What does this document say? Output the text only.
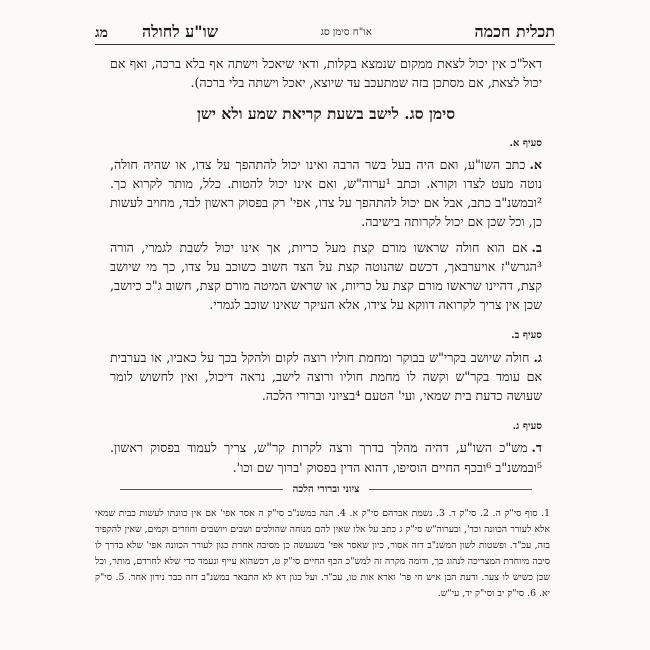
תכלית חכמה
או"ח סימן סג
שו"ע לחולה
מג

דאל"כ אין יכול לצאת ממקום שנמצא בקלות, ודאי שיאכל וישתה אף בלא ברכה, ואף אם יכול לצאת, אם מסתכן בזה שמתעכב עד שיוצא, יאכל וישתה בלי ברכה).

סימן סג. לישב בשעת קריאת שמע ולא ישן

סעיף א.

א.כתב השו"ע, ואם היה בעל בשר הרבה ואינו יכול להתהפך על צדו, או שהיה חולה, נוטה מעט לצדו וקורא. וכתב ¹ערוה"ש, ואם אינו יכול להטות. כלל, מותר לקרוא כך. ²ובמשנ"ב כתב, אבל אם יכול להתהפך על צדו, אפי' רק בפסוק ראשון לבד, מחויב לעשות כן, וכל שכן אם יכול לקרותה בישיבה.

ב.אם הוא חולה שראשו מורם קצת מעל כריות, אך אינו יכול לשבת לגמרי, הורה ³הגרש"ז אויערבאך, דכשם שהנוטה קצת על הצד חשוב כשוכב על צדו, כך מי שיושב קצת, דהיינו שראשו מורם קצת על כריות, או שראש המיטה מורם קצת, חשוב ג"כ כיושב, שכן אין צריך לקרואה דווקא על צידו, אלא העיקר שאינו שוכב לגמרי.

סעיף ב.

ג.חולה שיושב בקרי"ש בבוקר ומחמת חוליו רוצה לקום ולהקל בכך על כאביו, או בערבית אם עומד בקר"ש וקשה לו מחמת חוליו ורוצה לישב, נראה דיכול, ואין לחשוש לומר שעושה כדעת בית שמאי, ועי' הטעם ⁴בציוני וברורי הלכה.

סעיף ג.

ד.מש"כ השו"ע, דהיה מהלך בדרך ורצה לקרות קר"ש, צריך לעמוד בפסוק ראשון. ⁵ובמשנ"ב ⁶ובכף החיים הוסיפו, דהוא הדין בפסוק 'ברוך שם וכו'.

ציוני וברורי הלכה

1. סוף סי"ק ה. 2. סי"ק ד. 3. נשמת אברהם סי"ק א. 4. הנה במשנ"ב סי"ק ה אסר אפי' אם אין כוונתו לעשות כבית שמאי אלא לעורר הכוונה וכד', ובערוה"ש סי"ק ג כתב על אלו שאין להם מנוחה שהולכים ושבים ויושבים וחוזרים וקמים, שאין להקפיד בזה, עכ"ד. ופשטות לשון המשנ"ב דזה אסור, כיון שאסר אפי' בשנעשה כן מסיבה אחרת כגון לעורר הכוונה אפי' שלא בדרך לו סיבה מיוחדת המצריכה לנהוג כך, ודומה מקרה זה למש"כ הכף החיים סי"ק ט, דכשהוא עייף ונעמד כדי שלא לחרדם, מותר, וכל שכן כשיש לו צער. ודעת הבן איש חי פר' וארא אות טו, עכ"ד. ועל כגון דא לא התבאר במשנ"ב דזה כבר נידון אחר. 5. סי"ק יא. 6. סי"ק יב וסי"ק יד, עי"ש.
